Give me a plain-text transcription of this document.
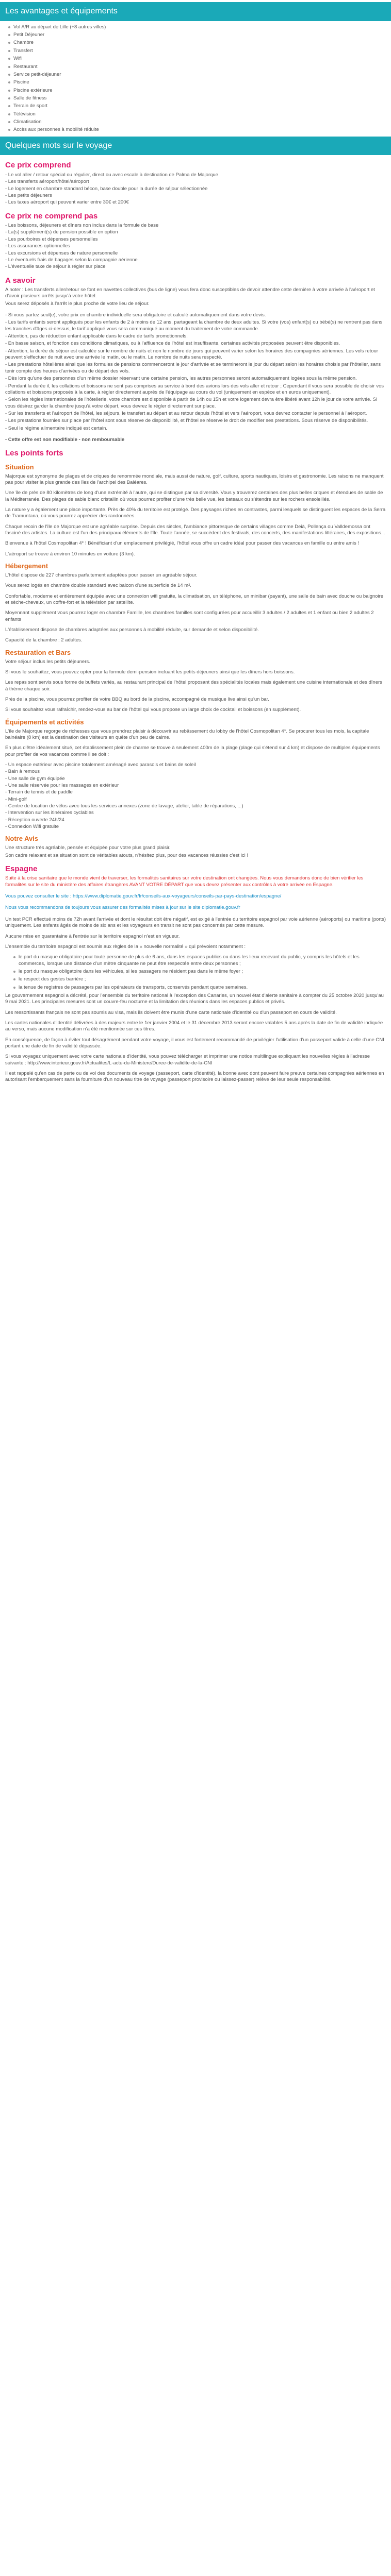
Les avantages et équipements
Vol A/R au départ de Lille (+8 autres villes)
Petit Déjeuner
Chambre
Transfert
Wifi
Restaurant
Service petit-déjeuner
Piscine
Piscine extérieure
Salle de fitness
Terrain de sport
Télévision
Climatisation
Accès aux personnes à mobilité réduite
Quelques mots sur le voyage
Ce prix comprend
- Le vol aller / retour spécial ou régulier, direct ou avec escale à destination de Palma de Majorque
- Les transferts aéroport/hôtel/aéroport
- Le logement en chambre standard bécon, base double pour la durée de séjour sélectionnée
- Les petits déjeuners
- Les taxes aéroport qui peuvent varier entre 30€ et 200€
Ce prix ne comprend pas
- Les boissons, déjeuners et dîners non inclus dans la formule de base
- La(s) supplément(s) de pension possible en option
- Les pourboires et dépenses personnelles
- Les assurances optionnelles
- Les excursions et dépenses de nature personnelle
- Le éventuels frais de bagages selon la compagnie aérienne
- L'éventuelle taxe de séjour à régler sur place
A savoir
A noter : Les transferts aller/retour se font en navettes collectives (bus de ligne) vous fera donc susceptibles de devoir attendre cette dernière à votre arrivée à l'aéroport et d'avoir plusieurs arrêts jusqu'à votre hôtel.
Vous serez déposés à l'arrêt le plus proche de votre lieu de séjour.
- Si vous partez seul(e), votre prix en chambre individuelle sera obligatoire et calculé automatiquement dans votre devis.
- Les tarifs enfants seront appliqués pour les enfants de 2 à moins de 12 ans, partageant la chambre de deux adultes. Si votre (vos) enfant(s) ou bébé(s) ne rentrent pas dans les tranches d'âges ci-dessus, le tarif appliqué vous sera communiqué au moment du traitement de votre commande.
- Attention, pas de réduction enfant applicable dans le cadre de tarifs promotionnels.
- En basse saison, et fonction des conditions climatiques, ou à l'affluence de l'hôtel est insuffisante, certaines activités proposées peuvent être disponibles.
- Attention, la durée du séjour est calculée sur le nombre de nuits et non le nombre de jours qui peuvent varier selon les horaires des compagnies aériennes. Les vols retour peuvent s'effectuer de nuit avec une arrivée le matin, ou le matin. Le nombre de nuits sera respecté.
- Les prestations hôtelières ainsi que les formules de pensions commenceront le jour d'arrivée et se termineront le jour du départ selon les horaires choisis par l'hôtelier, sans tenir compte des heures d'arrivées ou de départ des vols.
- Dès lors qu'une des personnes d'un même dossier réservant une certaine pension, les autres personnes seront automatiquement logées sous la même pension.
- Pendant la durée il, les collations et boissons ne sont pas comprises au service à bord des avions lors des vols aller et retour ; Cependant il vous sera possible de choisir vos collations et boissons proposés à la carte, à régler directement auprès de l'équipage au cours du vol (uniquement en espèce et en euros uniquement).
- Selon les règles internationales de l'hôtellerie, votre chambre est disponible à partir de 14h ou 15h et votre logement devra être libéré avant 12h le jour de votre arrivée. Si vous désirez garder la chambre jusqu'à votre départ, vous devrez le régler directement sur place.
- Sur les transferts et l'aéroport de l'hôtel, les séjours, le transfert au départ et au retour depuis l'hôtel et vers l'aéroport, vous devrez contacter le personnel à l'aéroport.
- Les prestations fournies sur place par l'hôtel sont sous réserve de disponibilité, et l'hôtel se réserve le droit de modifier ses prestations. Sous réserve de disponibilités.
- Seul le régime alimentaire indiqué est certain.
- Cette offre est non modifiable - non remboursable
Les points forts
Situation
Majorque est synonyme de plages et de criques de renommée mondiale, mais aussi de nature, golf, culture, sports nautiques, loisirs et gastronomie. Les raisons ne manquent pas pour visiter la plus grande des îles de l'archipel des Baléares.
Une île de près de 80 kilomètres de long d'une extrémité à l'autre, qui se distingue par sa diversité. Vous y trouverez certaines des plus belles criques et étendues de sable de la Méditerranée. Des plages de sable blanc cristallin où vous pourrez profiter d'une très belle vue, les bateaux ou s'étendre sur les rochers ensoleillés.
La nature y a également une place importante. Près de 40% du territoire est protégé. Des paysages riches en contrastes, parmi lesquels se distinguent les espaces de la Serra de Tramuntana, où vous pourrez apprécier des randonnées.
Chaque recoin de l'île de Majorque est une agréable surprise. Depuis des siècles, l'ambiance pittoresque de certains villages comme Deià, Pollença ou Valldemossa ont fasciné des artistes. La culture est l'un des principaux éléments de l'île. Toute l'année, se succèdent des festivals, des concerts, des manifestations littéraires, des expositions...
Bienvenue à l'hôtel Cosmopolitan 4* ! Bénéficiant d'un emplacement privilégié, l'hôtel vous offre un cadre idéal pour passer des vacances en famille ou entre amis !
L'aéroport se trouve à environ 10 minutes en voiture (3 km).
Hébergement
L'hôtel dispose de 227 chambres parfaitement adaptées pour passer un agréable séjour.
Vous serez logés en chambre double standard avec balcon d'une superficie de 14 m².
Confortable, moderne et entièrement équipée avec une connexion wifi gratuite, la climatisation, un téléphone, un minibar (payant), une salle de bain avec douche ou baignoire et sèche-cheveux, un coffre-fort et la télévision par satellite.
Moyennant supplément vous pourrez loger en chambre Famille, les chambres familles sont configurées pour accueillir 3 adultes / 2 adultes et 1 enfant ou bien 2 adultes 2 enfants
L'établissement dispose de chambres adaptées aux personnes à mobilité réduite, sur demande et selon disponibilité.
Capacité de la chambre : 2 adultes.
Restauration et Bars
Votre séjour inclus les petits déjeuners.
Si vous le souhaitez, vous pouvez opter pour la formule demi-pension incluant les petits déjeuners ainsi que les dîners hors boissons.
Les repas sont servis sous forme de buffets variés, au restaurant principal de l'hôtel proposant des spécialités locales mais également une cuisine internationale et des dîners à thème chaque soir.
Près de la piscine, vous pourrez profiter de votre BBQ au bord de la piscine, accompagné de musique live ainsi qu'un bar.
Si vous souhaitez vous rafraîchir, rendez-vous au bar de l'hôtel qui vous propose un large choix de cocktail et boissons (en supplément).
Équipements et activités
L'île de Majorque regorge de richesses que vous prendrez plaisir à découvrir au rebâssement du lobby de l'hôtel Cosmopolitan 4*. Se procurer tous les mois, la capitale balnéaire (8 km) est la destination des visiteurs en quête d'un peu de calme.
En plus d'être idéalement situé, cet établissement plein de charme se trouve à seulement 400m de la plage (plage qui s'étend sur 4 km) et dispose de multiples équipements pour profiter de vos vacances comme il se doit :
- Un espace extérieur avec piscine totalement aménagé avec parasols et bains de soleil
- Bain à remous
- Une salle de gym équipée
- Une salle réservée pour les massages en extérieur
- Terrain de tennis et de paddle
- Mini-golf
- Centre de location de vélos avec tous les services annexes (zone de lavage, atelier, table de réparations, ...)
- Intervention sur les itinéraires cyclables
- Réception ouverte 24h/24
- Connexion Wifi gratuite
Notre Avis
Une structure très agréable, pensée et équipée pour votre plus grand plaisir.
Son cadre relaxant et sa situation sont de véritables atouts, n'hésitez plus, pour des vacances réussies c'est ici !
Espagne
Suite à la crise sanitaire que le monde vient de traverser, les formalités sanitaires sur votre destination ont changées. Nous vous demandons donc de bien vérifier les formalités sur le site du ministère des affaires étrangères AVANT VOTRE DÉPART que vous devez présenter aux contrôles à votre arrivée en Espagne.
Vous pouvez consulter le site : https://www.diplomatie.gouv.fr/fr/conseils-aux-voyageurs/conseils-par-pays-destination/espagne/
Nous vous recommandons de toujours vous assurer des formalités mises à jour sur le site diplomatie.gouv.fr
Un test PCR effectué moins de 72h avant l'arrivée et dont le résultat doit être négatif, est exigé à l'entrée du territoire espagnol par voie aérienne (aéroports) ou maritime (ports) uniquement. Les enfants âgés de moins de six ans et les voyageurs en transit ne sont pas concernés par cette mesure.
Aucune mise en quarantaine à l'entrée sur le territoire espagnol n'est en vigueur.
L'ensemble du territoire espagnol est soumis aux règles de la « nouvelle normalité » qui prévoient notamment :
le port du masque obligatoire pour toute personne de plus de 6 ans, dans les espaces publics ou dans les lieux recevant du public, y compris les hôtels et les commerces, lorsque une distance d'un mètre cinquante ne peut être respectée entre deux personnes ;
le port du masque obligatoire dans les véhicules, si les passagers ne résident pas dans le même foyer ;
le respect des gestes barrière ;
la tenue de registres de passagers par les opérateurs de transports, conservés pendant quatre semaines.
Le gouvernement espagnol a décrété, pour l'ensemble du territoire national à l'exception des Canaries, un nouvel état d'alerte sanitaire à compter du 25 octobre 2020 jusqu'au 9 mai 2021. Les principales mesures sont un couvre-feu nocturne et la limitation des réunions dans les espaces publics et privés.
Les ressortissants français ne sont pas soumis au visa, mais ils doivent être munis d'une carte nationale d'identité ou d'un passeport en cours de validité.
Les cartes nationales d'identité délivrées à des majeurs entre le 1er janvier 2004 et le 31 décembre 2013 seront encore valables 5 ans après la date de fin de validité indiquée au verso, mais aucune modification n'a été mentionnée sur ces titres.
En conséquence, de façon à éviter tout désagrément pendant votre voyage, il vous est fortement recommandé de privilégier l'utilisation d'un passeport valide à celle d'une CNI portant une date de fin de validité dépassée.
Si vous voyagez uniquement avec votre carte nationale d'identité, vous pouvez télécharger et imprimer une notice multilingue expliquant les nouvelles règles à l'adresse suivante : http://www.interieur.gouv.fr/Actualites/L-actu-du-Ministere/Duree-de-validite-de-la-CNI
Il est rappelé qu'en cas de perte ou de vol des documents de voyage (passeport, carte d'identité), la bonne avec dont peuvent faire preuve certaines compagnies aériennes en autorisant l'embarquement sans la fourniture d'un nouveau titre de voyage (passeport provisoire ou laissez-passer) relève de leur seule responsabilité.
